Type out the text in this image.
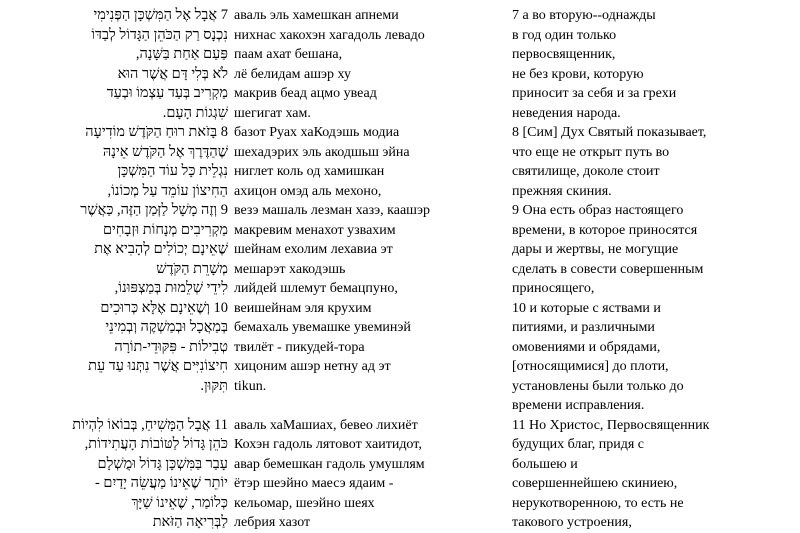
7 אֲבָל אֶל הַמִּשְׁכָּן הַפְּנִימִי
נִכְנָס רַק הַכֹּהֵן הַגָּדוֹל לְבַדּוֹ
פַּעַם אַחַת בַּשָּׁנָה,
לֹא בְּלִי דָּם אֲשֶׁר הוּא
מַקְרִיב בְּעַד עַצְמוֹ וּבְעַד
שִׁגְגוֹת הָעָם.
8 בָּזֹאת רוּחַ הַקֹּדֶשׁ מוֹדִיעָה
שֶׁהַדֶּרֶךְ אֶל הַקֹּדֶשׁ אֵינָהּ
נִגְלֵית כָּל עוֹד הַמִּשְׁכָּן
הַחִיצוֹן עוֹמֵד עַל מְכוֹנוֹ,
9 וְזֶה מָשָׁל לַזְּמַן הַזֶּה, כַּאֲשֶׁר
מַקְרִיבִים מְנָחוֹת וּזְבָחִים
שֶׁאֵינָם יְכוֹלִים לְהָבִיא אֶת
מְשָׁרֵת הַקֹּדֶשׁ
לִידֵי שְׁלֵמוּת בְּמַצְפּוּנוֹ,
10 וְשֶׁאֵינָם אֶלָּא כְּרוּכִים
בְּמַאֲכָל וּבְמַשְׁקֶה וְבְמִינֵי
טְבִילוֹת - פִּקּוּדֵי-תוֹרָה
חִיצוֹנִיִּים אֲשֶׁר נִתְּנוּ עַד עֵת
תִּקּוּן.
11 אֲבָל הַמָּשִׁיחַ, בְּבוֹאוֹ לִהְיוֹת
כֹּהֵן גָּדוֹל לַטּוֹבוֹת הָעֲתִידוֹת,
עָבַר בַּמִּשְׁכָּן גָּדוֹל וּמֻשְׁלָם
יוֹתֵר שֶׁאֵינוֹ מַעֲשֵׂה יָדַיִם -
כְּלוֹמַר, שֶׁאֵינוֹ שַׁיָּךְ
לַבְּרִיאָה הַזֹּאת
аваль эль хамешкан апнеми
нихнас хакохэн хагадоль левадо
паам ахат бешана,
лё белидам ашэр ху
макрив беад ацмо увеад
шегигат хам.
базот Руах хаКодэшь модиа
шехадэрих эль акодшьш эйна
ниглет коль од хамишкан
ахицон омэд аль мехоно,
везэ машаль лезман хазэ, каашэр
макревим менахот узвахим
шейнам ехолим лехавиа эт
мешарэт хакодэшь
лийдей шлемут бемацпуно,
веишейнам эля крухим
бемахаль увемашке увеминэй
твилёт - пикудей-тора
хицоним ашэр нетну ад эт
tikun.
аваль хаМашиах, бевео лихиёт
Кохэн гадоль лятовот хаитидот,
авар бемешкан гадоль умушлям
ётэр шеэйно маесэ ядаим -
кельомар, шеэйно шеях
лебрия хазот
7 а во вторую--однажды
в год один только
первосвященник,
не без крови, которую
приносит за себя и за грехи
неведения народа.
8 [Сим] Дух Святый показывает,
что еще не открыт путь во
святилище, доколе стоит
прежняя скиния.
9 Она есть образ настоящего
времени, в которое приносятся
дары и жертвы, не могущие
сделать в совести совершенным
приносящего,
10 и которые с яствами и
питиями, и различными
омовениями и обрядами,
[относящимися] до плоти,
установлены были только до
времени исправления.
11 Но Христос, Первосвященник
будущих благ, придя с
большею и
совершеннейшею скиниею,
нерукотворенною, то есть не
такового устроения,
